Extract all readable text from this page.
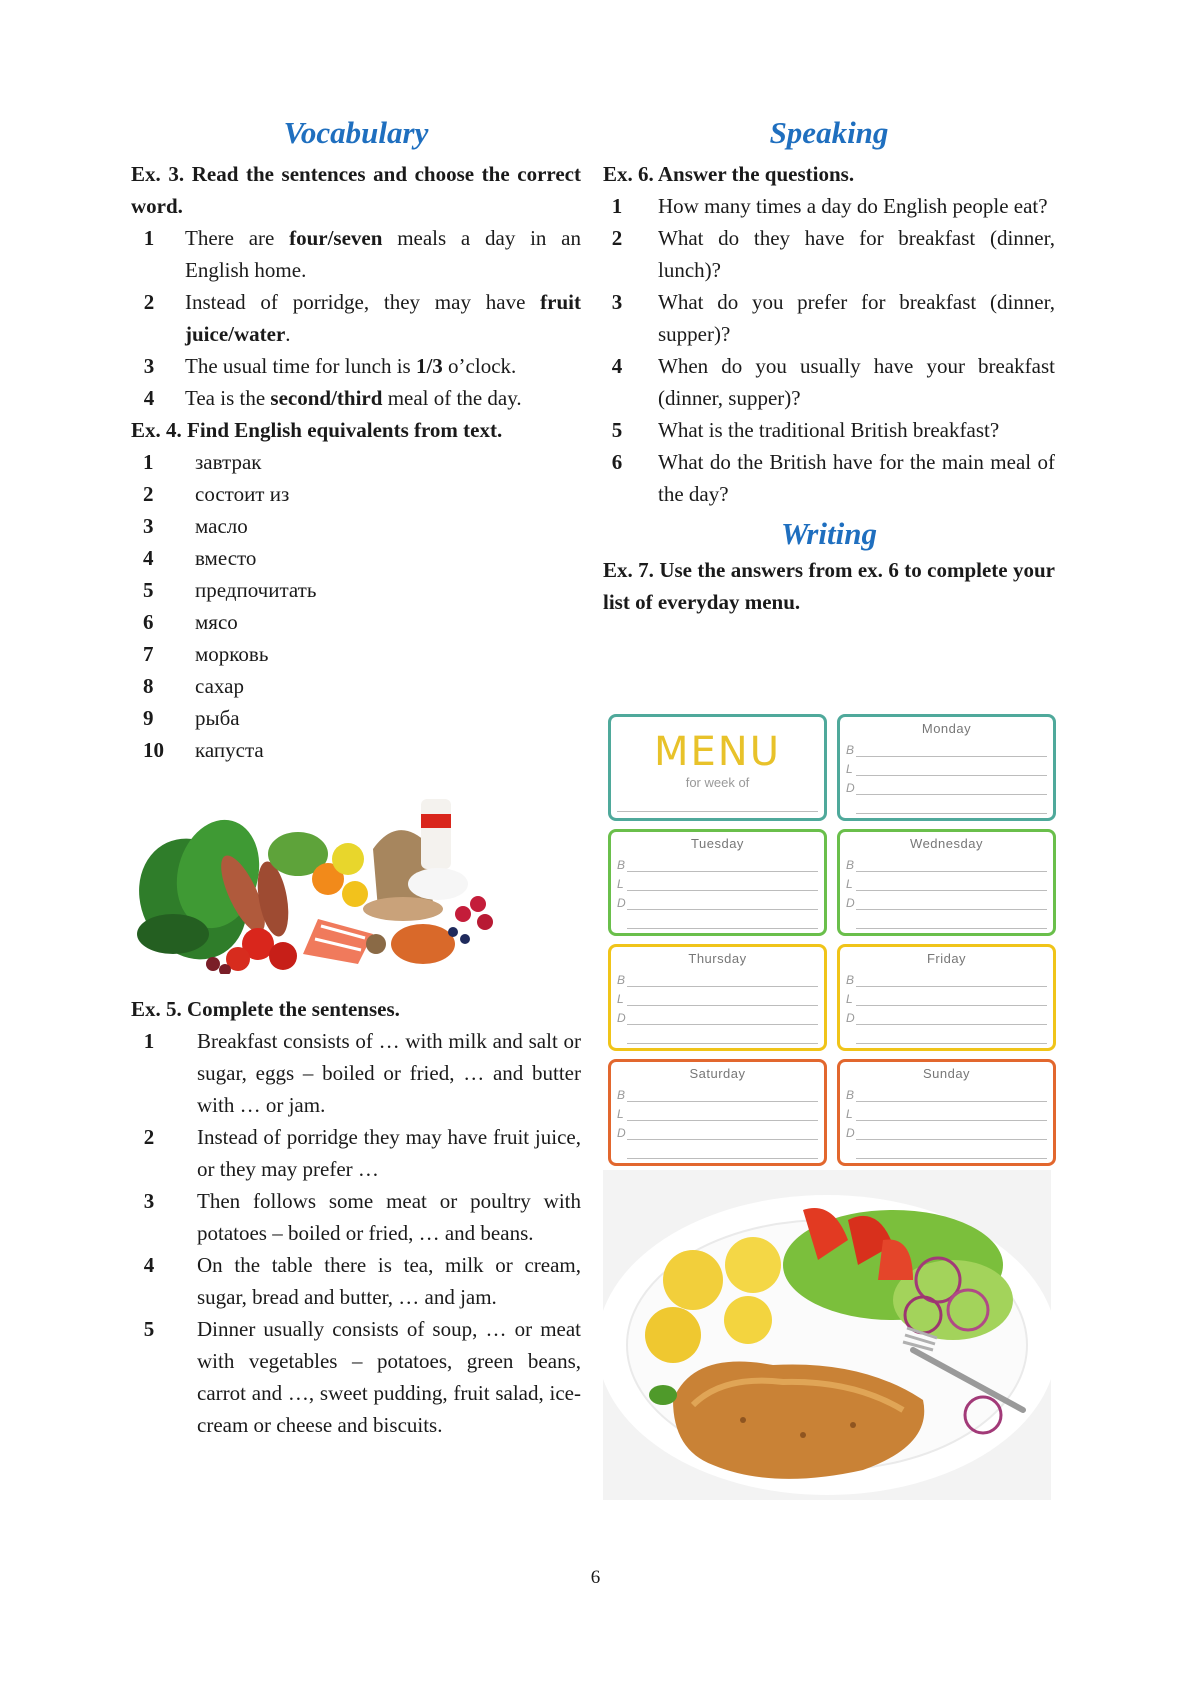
Vocabulary
Ex. 3. Read the sentences and choose the correct word.
1 There are four/seven meals a day in an English home.
2 Instead of porridge, they may have fruit juice/water.
3 The usual time for lunch is 1/3 o’clock.
4 Tea is the second/third meal of the day.
Ex. 4. Find English equivalents from text.
1	завтрак
2	состоит из
3	масло
4	вместо
5	предпочитать
6	мясо
7	морковь
8	сахар
9	рыба
10 капуста
Ex. 5. Complete the sentenses.
1 Breakfast consists of … with milk and salt or sugar, eggs – boiled or fried, … and butter with … or jam.
2 Instead of porridge they may have fruit juice, or they may prefer …
3 Then follows some meat or poultry with potatoes – boiled or fried, … and beans.
4 On the table there is tea, milk or cream, sugar, bread and butter, … and jam.
5 Dinner usually consists of soup, … or meat with vegetables – potatoes, green beans, carrot and …, sweet pudding, fruit salad, ice-cream or cheese and biscuits.
Speaking
Ex. 6. Answer the questions.
1	How many times a day do English people eat?
2	What do they have for breakfast (dinner, lunch)?
3	What do you prefer for breakfast (dinner, supper)?
4	When do you usually have your breakfast (dinner, supper)?
5	What is the traditional British breakfast?
6	What do the British have for the main meal of the day?
Writing
Ex. 7. Use the answers from ex. 6 to complete your list of everyday menu.
MENU
for week of
Monday
B
L
D
Tuesday
B
L
D
Wednesday
B
L
D
Thursday
B
L
D
Friday
B
L
D
Saturday
B
L
D
Sunday
B
L
D
6
